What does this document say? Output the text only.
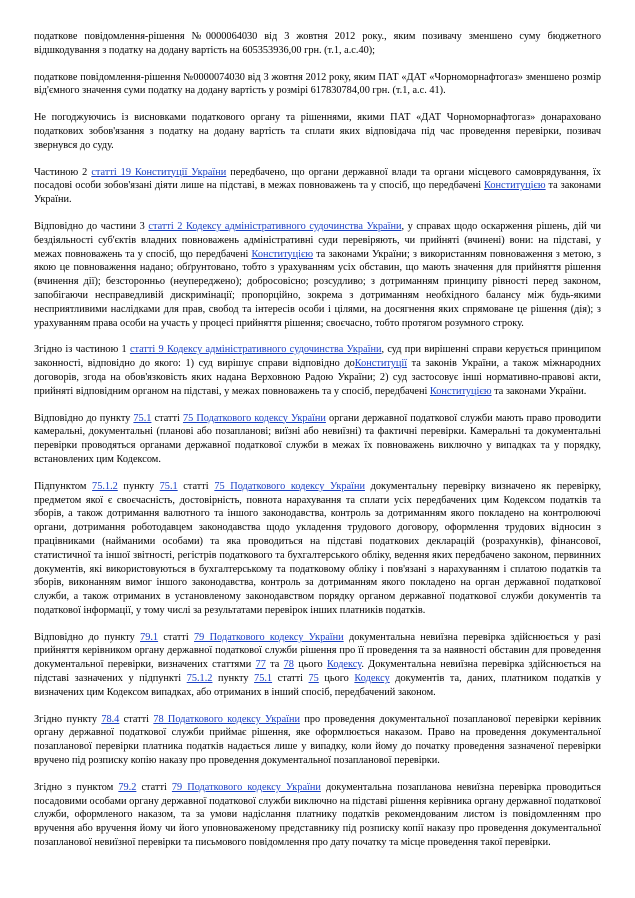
податкове повідомлення-рішення №0000064030 від 3 жовтня 2012 року., яким позивачу зменшено суму бюджетного відшкодування з податку на додану вартість на 605353936,00 грн. (т.1, а.с.40);

податкове повідомлення-рішення №0000074030 від 3 жовтня 2012 року, яким ПАТ «ДАТ «Чорноморнафтогаз» зменшено розмір від'ємного значення суми податку на додану вартість у розмірі 617830784,00 грн. (т.1, а.с. 41).

Не погоджуючись із висновками податкового органу та рішеннями, якими ПАТ «ДАТ Чорноморнафтогаз» донараховано податкових зобов'язання з податку на додану вартість та сплати яких відповідача під час проведення перевірки, позивач звернувся до суду.

Частиною 2 статті 19 Конституції України передбачено, що органи державної влади та органи місцевого самоврядування, їх посадові особи зобов'язані діяти лише на підставі, в межах повноважень та у спосіб, що передбачені Конституцією та законами України.

Відповідно до частини 3 статті 2 Кодексу адміністративного судочинства України, у справах щодо оскарження рішень, дій чи бездіяльності суб'єктів владних повноважень адміністративні суди перевіряють, чи прийняті (вчинені) вони: на підставі, у межах повноважень та у спосіб, що передбачені Конституцією та законами України; з використанням повноваження з метою, з якою це повноваження надано; обґрунтовано, тобто з урахуванням усіх обставин, що мають значення для прийняття рішення (вчинення дії); безсторонньо (неупереджено); добросовісно; розсудливо; з дотриманням принципу рівності перед законом, запобігаючи несправедливій дискримінації; пропорційно, зокрема з дотриманням необхідного балансу між будь-якими несприятливими наслідками для прав, свобод та інтересів особи і цілями, на досягнення яких спрямоване це рішення (дія); з урахуванням права особи на участь у процесі прийняття рішення; своєчасно, тобто протягом розумного строку.

Згідно із частиною 1 статті 9 Кодексу адміністративного судочинства України, суд при вирішенні справи керується принципом законності, відповідно до якого: 1) суд вирішує справи відповідно доКонституції та законів України, а також міжнародних договорів, згода на обов'язковість яких надана Верховною Радою України; 2) суд застосовує інші нормативно-правові акти, прийняті відповідним органом на підставі, у межах повноважень та у спосіб, передбачені Конституцією та законами України.

Відповідно до пункту 75.1 статті 75 Податкового кодексу України органи державної податкової служби мають право проводити камеральні, документальні (планові або позапланові; виїзні або невиїзні) та фактичні перевірки. Камеральні та документальні перевірки проводяться органами державної податкової служби в межах їх повноважень виключно у випадках та у порядку, встановлених цим Кодексом.

Підпунктом 75.1.2 пункту 75.1 статті 75 Податкового кодексу України документальну перевірку визначено як перевірку, предметом якої є своєчасність, достовірність, повнота нарахування та сплати усіх передбачених цим Кодексом податків та зборів, а також дотримання валютного та іншого законодавства, контроль за дотриманням якого покладено на контролюючі органи, дотримання роботодавцем законодавства щодо укладення трудового договору, оформлення трудових відносин з працівниками (найманими особами) та яка проводиться на підставі податкових декларацій (розрахунків), фінансової, статистичної та іншої звітності, регістрів податкового та бухгалтерського обліку, ведення яких передбачено законом, первинних документів, які використовуються в бухгалтерському та податковому обліку і пов'язані з нарахуванням і сплатою податків та зборів, виконанням вимог іншого законодавства, контроль за дотриманням якого покладено на орган державної податкової служби, а також отриманих в установленому законодавством порядку органом державної податкової служби документів та податкової інформації, у тому числі за результатами перевірок інших платників податків.

Відповідно до пункту 79.1 статті 79 Податкового кодексу України документальна невиїзна перевірка здійснюється у разі прийняття керівником органу державної податкової служби рішення про її проведення та за наявності обставин для проведення документальної перевірки, визначених статтями 77 та 78 цього Кодексу. Документальна невиїзна перевірка здійснюється на підставі зазначених у підпункті 75.1.2 пункту 75.1 статті 75 цього Кодексу документів та, даних, платником податків у визначених цим Кодексом випадках, або отриманих в інший спосіб, передбачений законом.

Згідно пункту 78.4 статті 78 Податкового кодексу України про проведення документальної позапланової перевірки керівник органу державної податкової служби приймає рішення, яке оформлюється наказом. Право на проведення документальної позапланової перевірки платника податків надається лише у випадку, коли йому до початку проведення зазначеної перевірки вручено під розписку копію наказу про проведення документальної позапланової перевірки.

Згідно з пунктом 79.2 статті 79 Податкового кодексу України документальна позапланова невиїзна перевірка проводиться посадовими особами органу державної податкової служби виключно на підставі рішення керівника органу державної податкової служби, оформленого наказом, та за умови надіслання платнику податків рекомендованим листом із повідомленням про вручення або вручення йому чи його уповноваженому представнику під розписку копії наказу про проведення документальної позапланової невиїзної перевірки та письмового повідомлення про дату початку та місце проведення такої перевірки.
